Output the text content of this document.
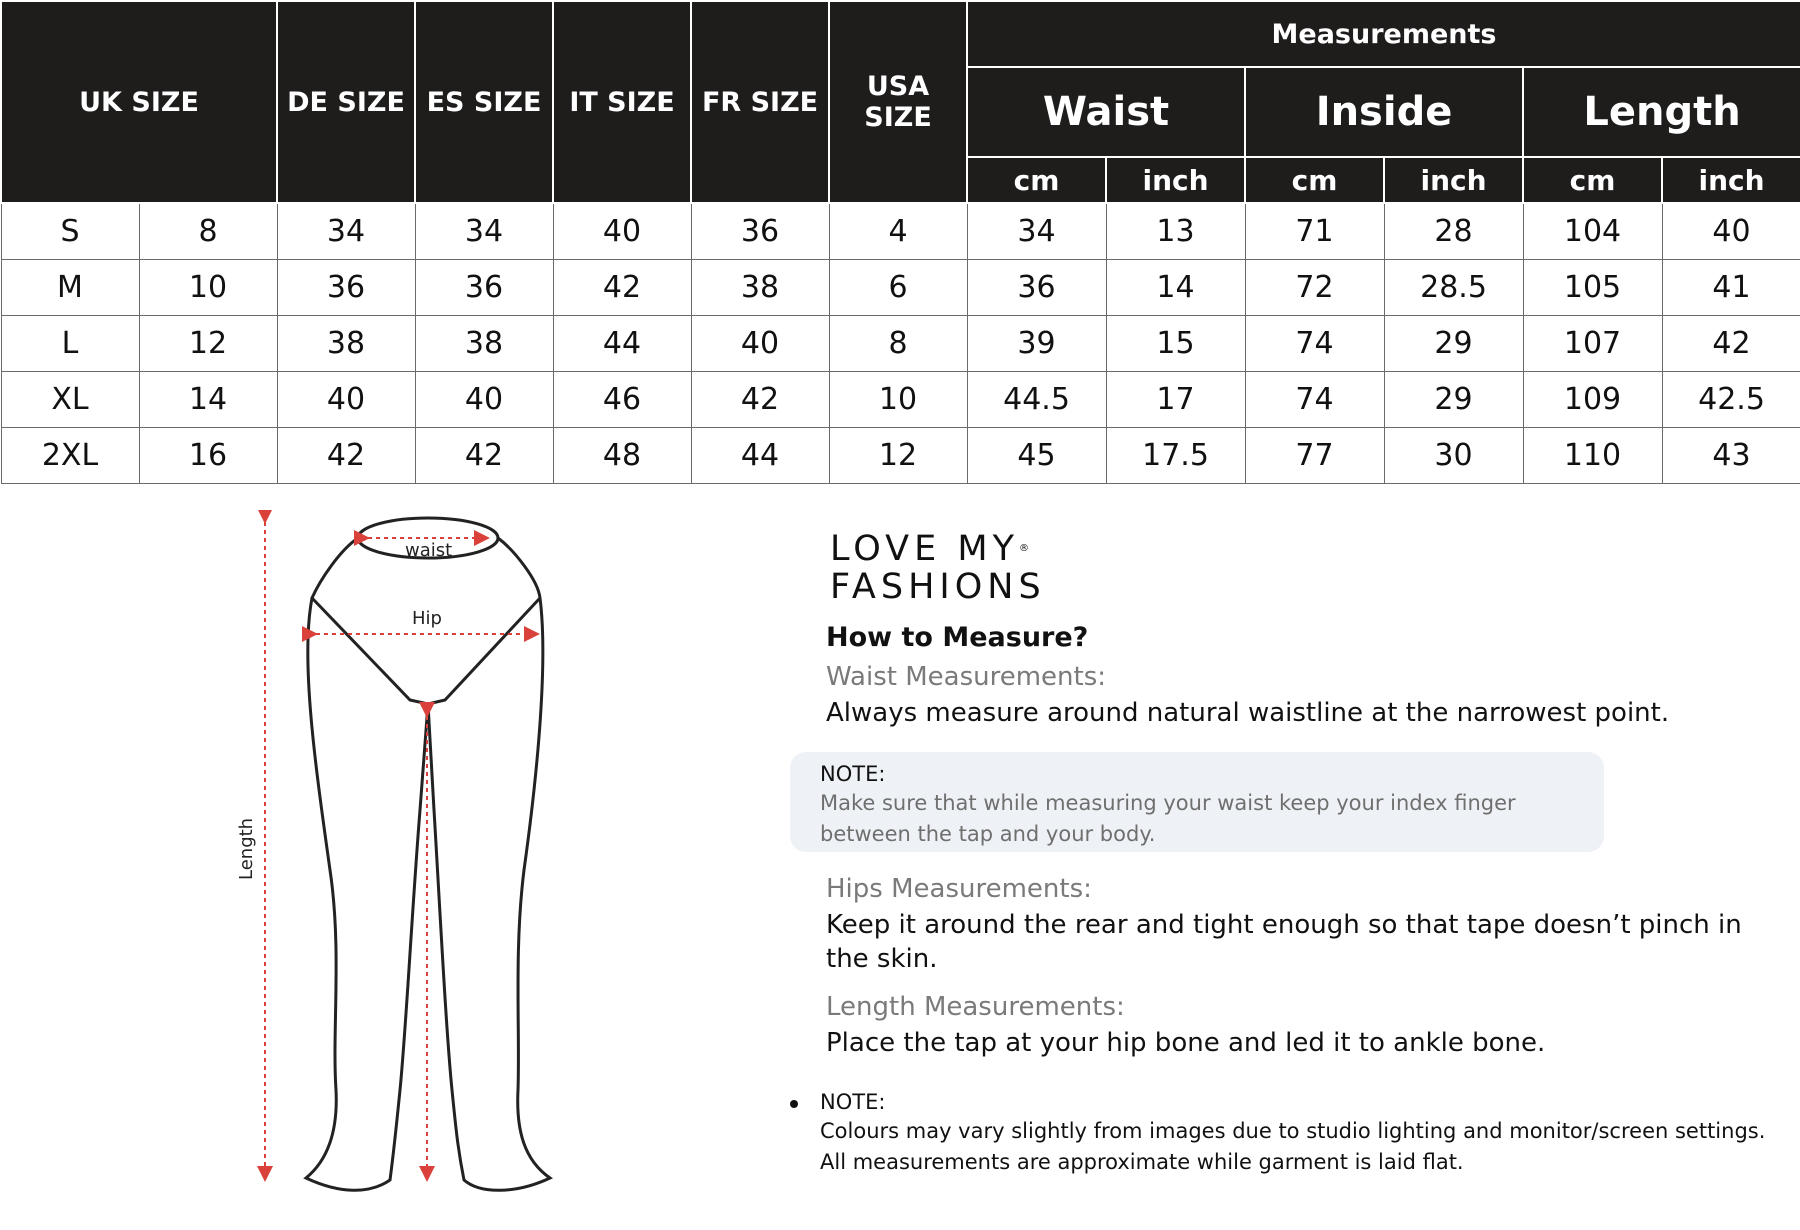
UK SIZE		DE SIZE	ES SIZE	IT SIZE	FR SIZE	USA SIZE	Measurements					
							Waist		Inside		Length	
							cm	inch	cm	inch	cm	inch
S	8	34	34	40	36	4	34	13	71	28	104	40
M	10	36	36	42	38	6	36	14	72	28.5	105	41
L	12	38	38	44	40	8	39	15	74	29	107	42
XL	14	40	40	46	42	10	44.5	17	74	29	109	42.5
2XL	16	42	42	48	44	12	45	17.5	77	30	110	43
waist
Hip
Length
LOVE MY®
FASHIONS
How to Measure?
Waist Measurements:
Always measure around natural waistline at the narrowest point.
NOTE:
Make sure that while measuring your waist keep your index finger between the tap and your body.
Hips Measurements:
Keep it around the rear and tight enough so that tape doesn’t pinch in the skin.
Length Measurements:
Place the tap at your hip bone and led it to ankle bone.
NOTE:
Colours may vary slightly from images due to studio lighting and monitor/screen settings. All measurements are approximate while garment is laid flat.
